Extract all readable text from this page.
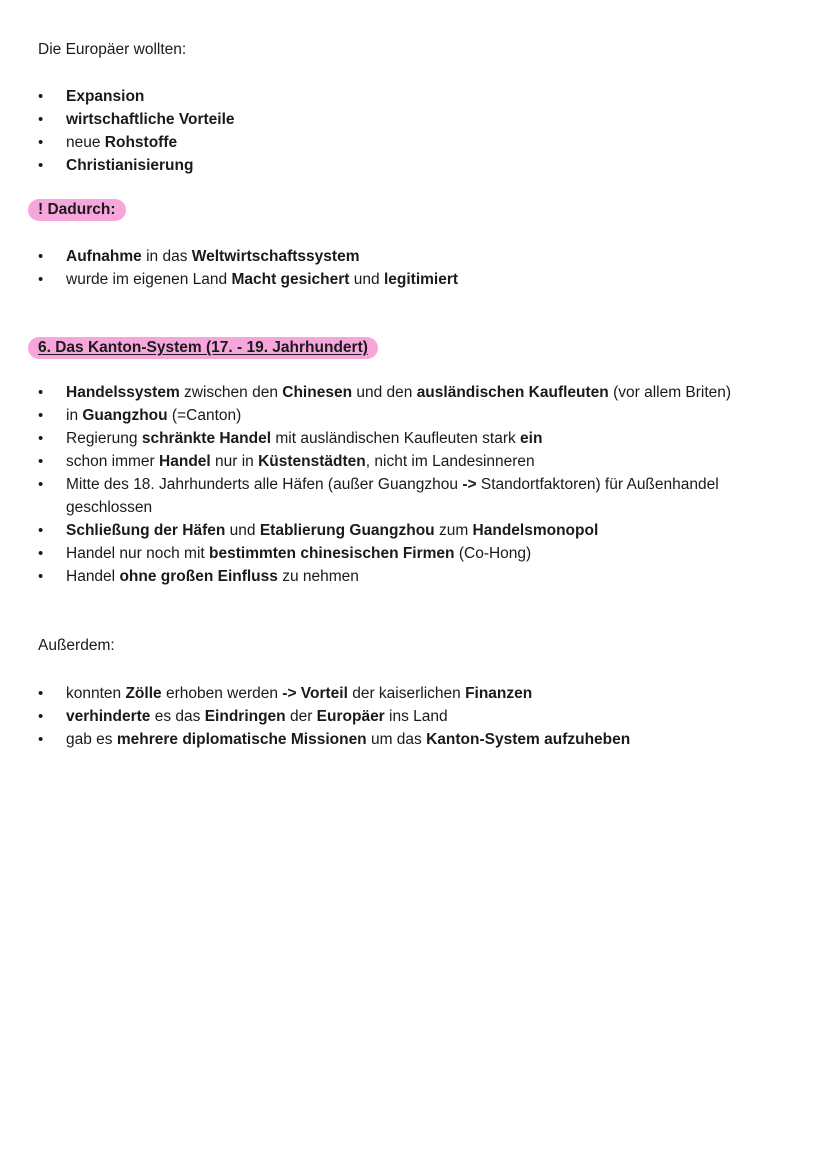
Die Europäer wollten:

•	Expansion
•	wirtschaftliche Vorteile
•	neue Rohstoffe
•	Christianisierung
! Dadurch:
•	Aufnahme in das Weltwirtschaftssystem
•	wurde im eigenen Land Macht gesichert und legitimiert
6. Das Kanton-System (17. - 19. Jahrhundert)
•	Handelssystem zwischen den Chinesen und den ausländischen Kaufleuten (vor allem Briten)
•	in Guangzhou (=Canton)
•	Regierung schränkte Handel mit ausländischen Kaufleuten stark ein
•	schon immer Handel nur in Küstenstädten, nicht im Landesinneren
•	Mitte des 18. Jahrhunderts alle Häfen (außer Guangzhou -> Standortfaktoren) für Außenhandel geschlossen
•	Schließung der Häfen und Etablierung Guangzhou zum Handelsmonopol
•	Handel nur noch mit bestimmten chinesischen Firmen (Co-Hong)
•	Handel ohne großen Einfluss zu nehmen

Außerdem:

•	konnten Zölle erhoben werden -> Vorteil der kaiserlichen Finanzen
•	verhinderte es das Eindringen der Europäer ins Land
•	gab es mehrere diplomatische Missionen um das Kanton-System aufzuheben
